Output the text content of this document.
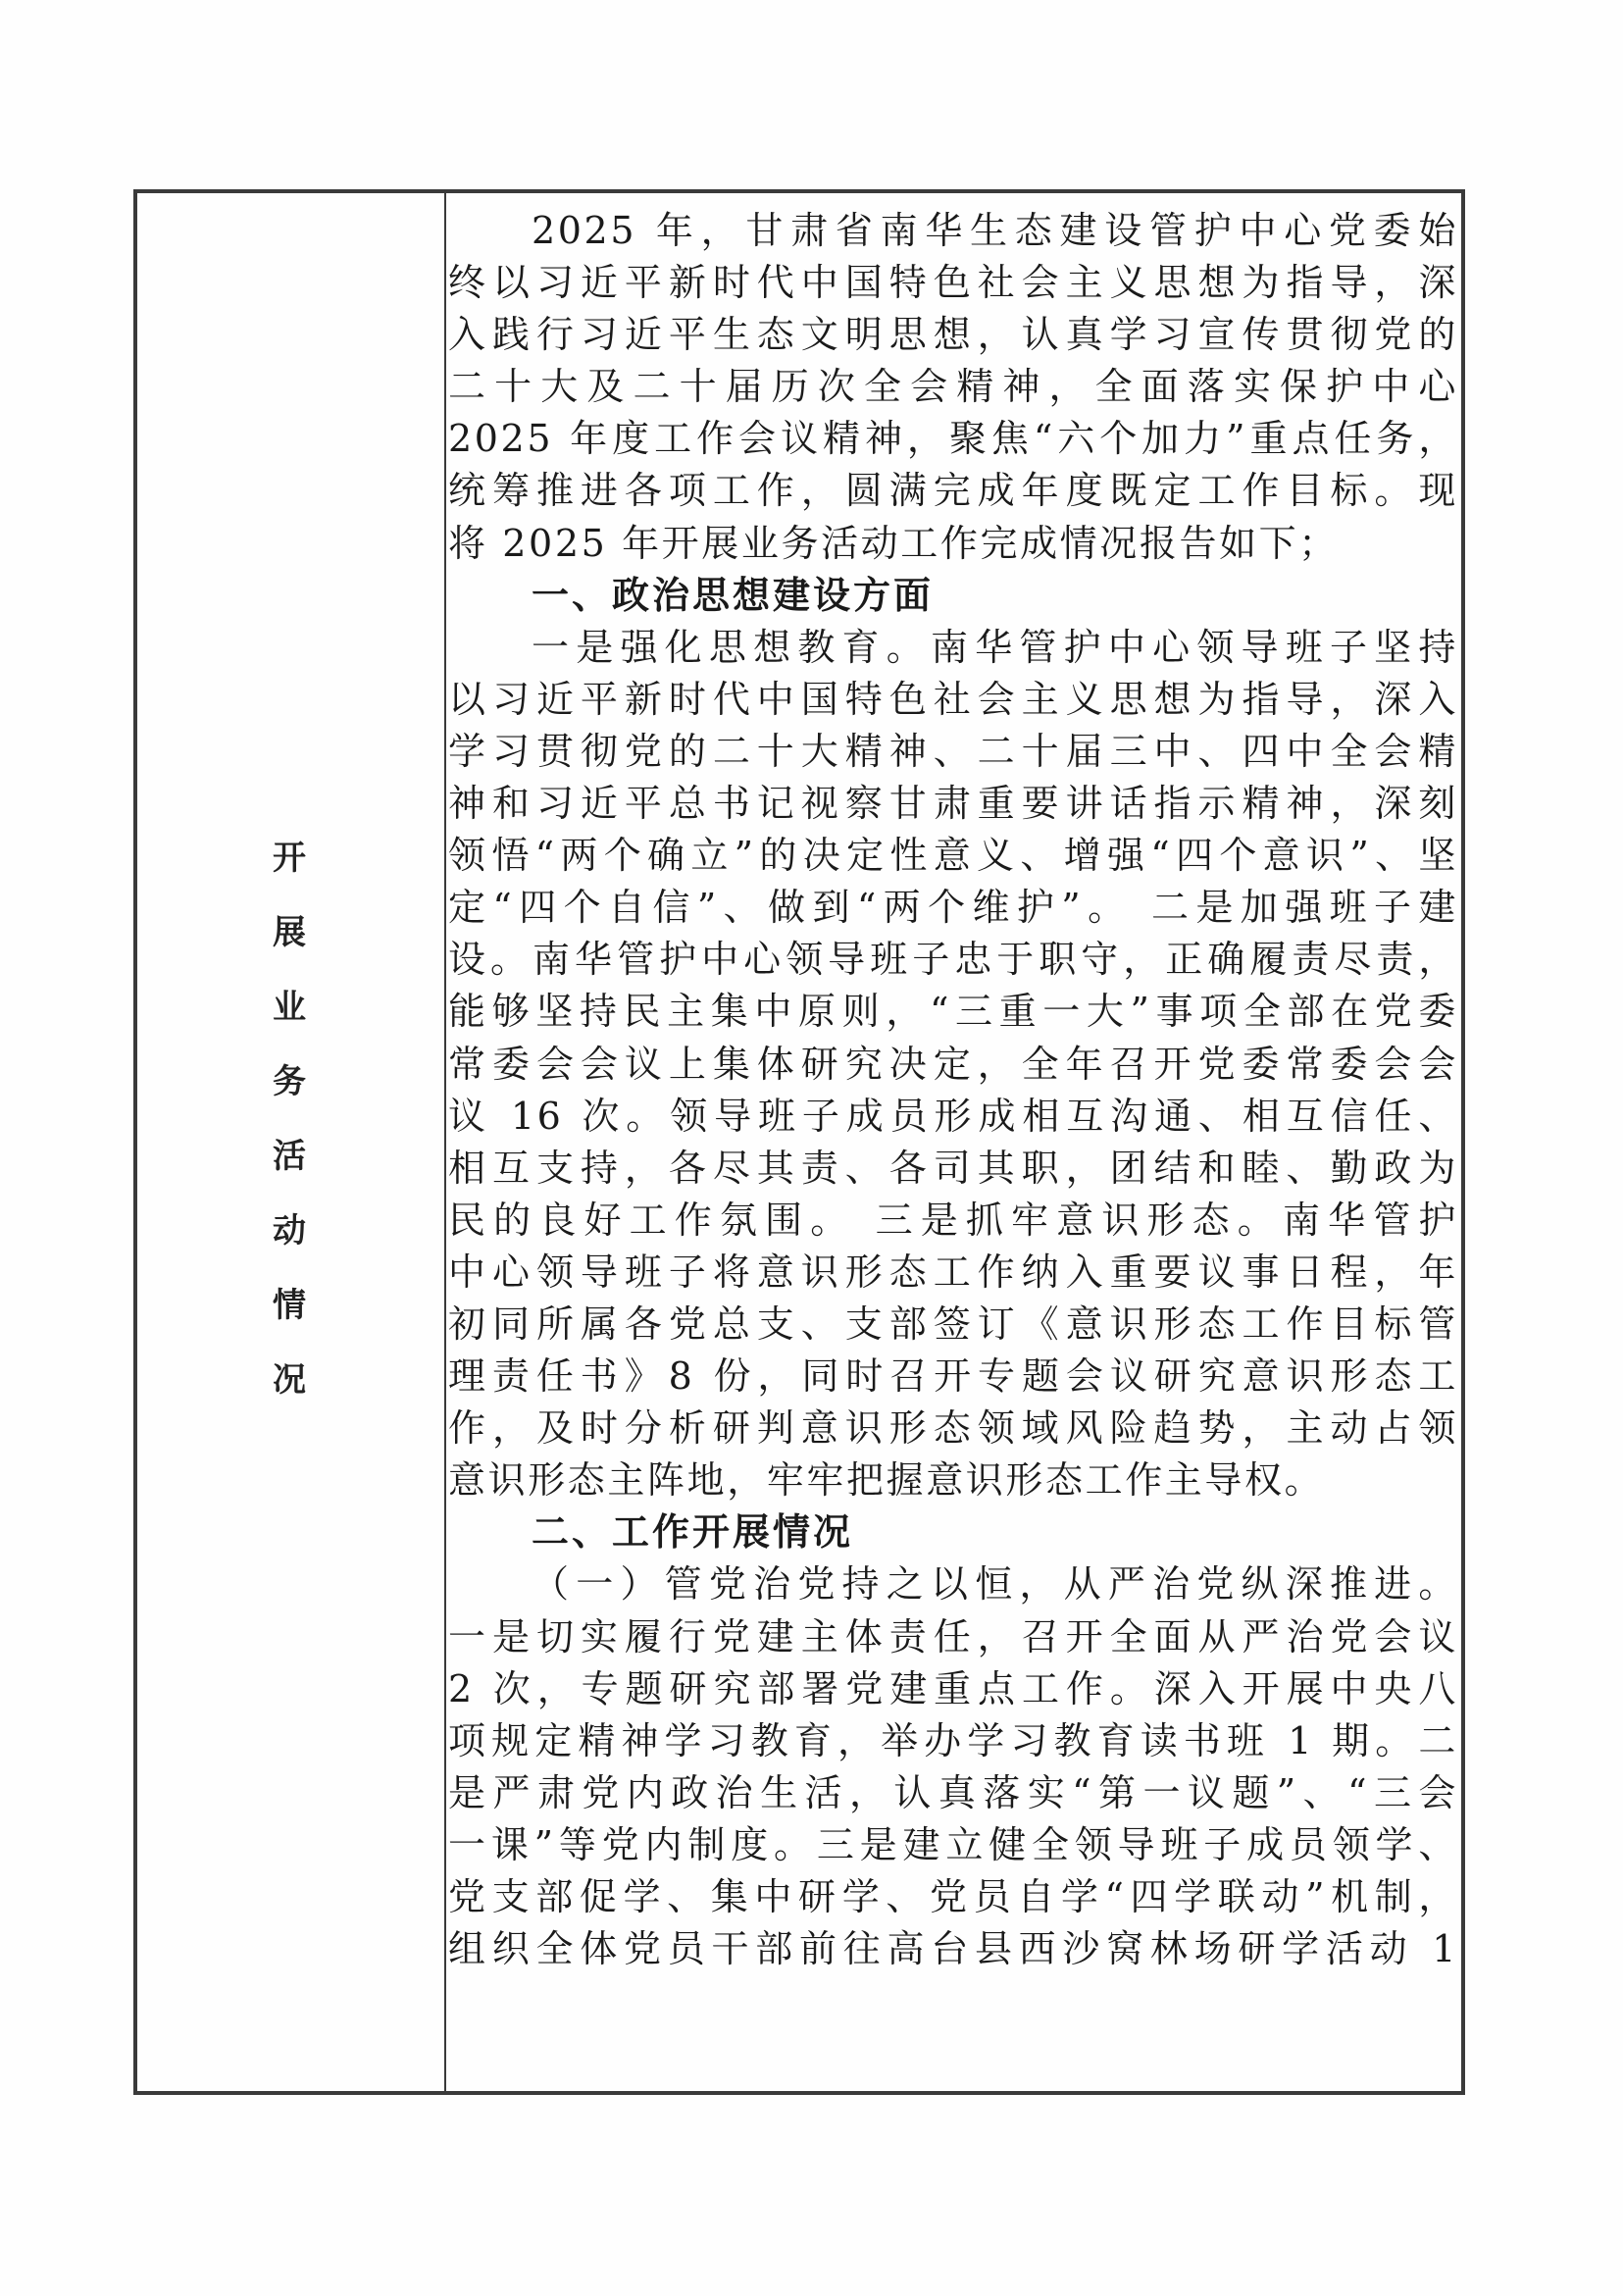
开
展
业
务
活
动
情
况
2025 年，甘肃省南华生态建设管护中心党委始
终以习近平新时代中国特色社会主义思想为指导，深
入践行习近平生态文明思想，认真学习宣传贯彻党的
二十大及二十届历次全会精神，全面落实保护中心
2025 年度工作会议精神，聚焦“六个加力”重点任务，
统筹推进各项工作，圆满完成年度既定工作目标。现
将 2025 年开展业务活动工作完成情况报告如下；
一、政治思想建设方面
一是强化思想教育。南华管护中心领导班子坚持
以习近平新时代中国特色社会主义思想为指导，深入
学习贯彻党的二十大精神、二十届三中、四中全会精
神和习近平总书记视察甘肃重要讲话指示精神，深刻
领悟“两个确立”的决定性意义、增强“四个意识”、坚
定“四个自信”、做到“两个维护”。 二是加强班子建
设。南华管护中心领导班子忠于职守，正确履责尽责，
能够坚持民主集中原则，“三重一大”事项全部在党委
常委会会议上集体研究决定，全年召开党委常委会会
议 16 次。领导班子成员形成相互沟通、相互信任、
相互支持，各尽其责、各司其职，团结和睦、勤政为
民的良好工作氛围。 三是抓牢意识形态。南华管护
中心领导班子将意识形态工作纳入重要议事日程，年
初同所属各党总支、支部签订《意识形态工作目标管
理责任书》8 份，同时召开专题会议研究意识形态工
作，及时分析研判意识形态领域风险趋势，主动占领
意识形态主阵地，牢牢把握意识形态工作主导权。
二、工作开展情况
（一）管党治党持之以恒，从严治党纵深推进。
一是切实履行党建主体责任，召开全面从严治党会议
2 次，专题研究部署党建重点工作。深入开展中央八
项规定精神学习教育，举办学习教育读书班 1 期。二
是严肃党内政治生活，认真落实“第一议题”、“三会
一课”等党内制度。三是建立健全领导班子成员领学、
党支部促学、集中研学、党员自学“四学联动”机制，
组织全体党员干部前往高台县西沙窝林场研学活动 1
